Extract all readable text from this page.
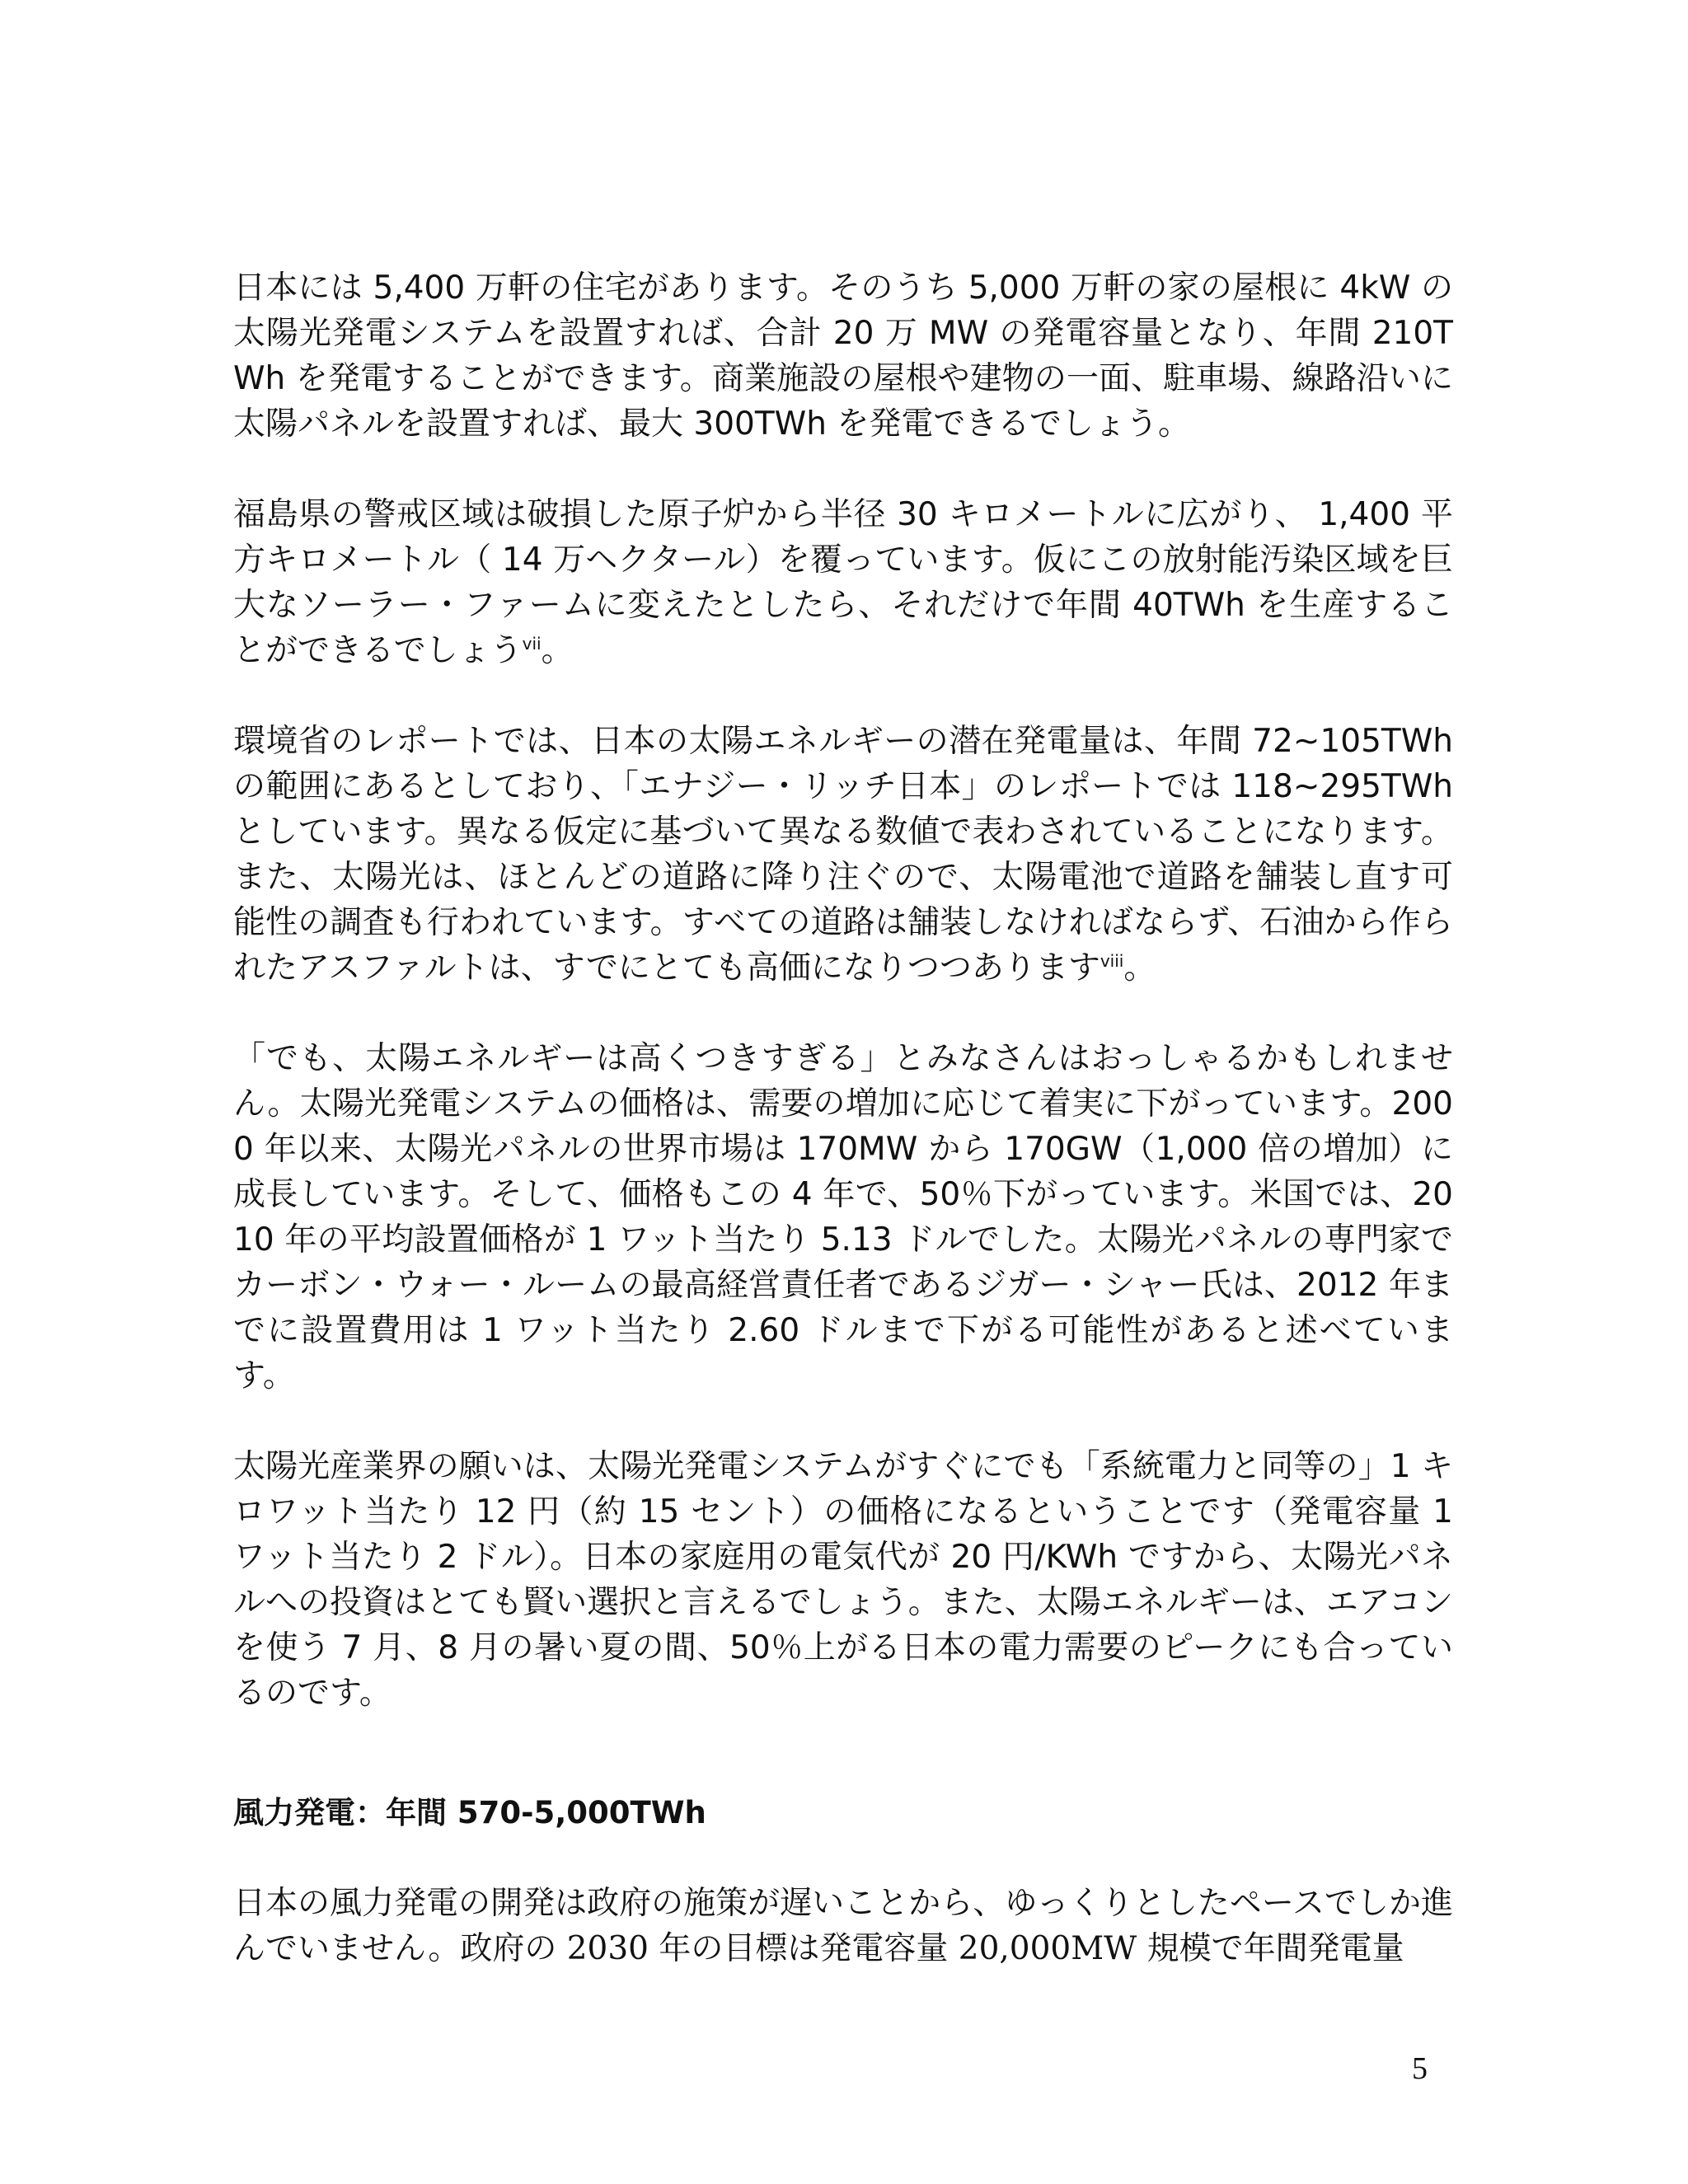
日本には 5,400 万軒の住宅があります。そのうち 5,000 万軒の家の屋根に 4kW の太陽光発電システムを設置すれば、合計 20 万 MW の発電容量となり、年間 210TWh を発電することができます。商業施設の屋根や建物の一面、駐車場、線路沿いに太陽パネルを設置すれば、最大 300TWh を発電できるでしょう。

福島県の警戒区域は破損した原子炉から半径 30 キロメートルに広がり、 1,400 平方キロメートル（ 14 万ヘクタール）を覆っています。仮にこの放射能汚染区域を巨大なソーラー・ファームに変えたとしたら、それだけで年間 40TWh を生産することができるでしょう$^{vii}$。

環境省のレポートでは、日本の太陽エネルギーの潜在発電量は、年間 72~105TWh の範囲にあるとしており、「エナジー・リッチ日本」のレポートでは 118~295TWh としています。異なる仮定に基づいて異なる数値で表わされていることになります。また、太陽光は、ほとんどの道路に降り注ぐので、太陽電池で道路を舗装し直す可能性の調査も行われています。すべての道路は舗装しなければならず、石油から作られたアスファルトは、すでにとても高価になりつつあります$^{viii}$。

「でも、太陽エネルギーは高くつきすぎる」とみなさんはおっしゃるかもしれません。太陽光発電システムの価格は、需要の増加に応じて着実に下がっています。2000 年以来、太陽光パネルの世界市場は 170MW から 170GW（1,000 倍の増加）に成長しています。そして、価格もこの 4 年で、50％下がっています。米国では、2010 年の平均設置価格が 1 ワット当たり 5.13 ドルでした。太陽光パネルの専門家でカーボン・ウォー・ルームの最高経営責任者であるジガー・シャー氏は、2012 年までに設置費用は 1 ワット当たり 2.60 ドルまで下がる可能性があると述べています。

太陽光産業界の願いは、太陽光発電システムがすぐにでも「系統電力と同等の」1 キロワット当たり 12 円（約 15 セント）の価格になるということです（発電容量 1 ワット当たり 2 ドル）。日本の家庭用の電気代が 20 円/KWh ですから、太陽光パネルへの投資はとても賢い選択と言えるでしょう。また、太陽エネルギーは、エアコンを使う 7 月、8 月の暑い夏の間、50％上がる日本の電力需要のピークにも合っているのです。

風力発電：年間 570-5,000TWh

日本の風力発電の開発は政府の施策が遅いことから、ゆっくりとしたペースでしか進んでいません。政府の 2030 年の目標は発電容量 20,000MW 規模で年間発電量

5
